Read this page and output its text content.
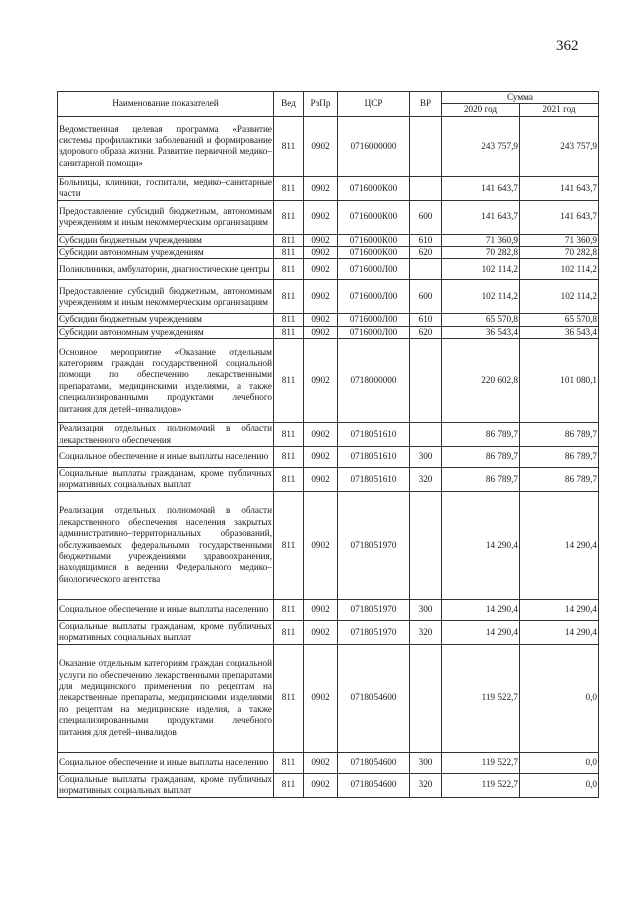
362
Наименование показателей	Вед	РзПр	ЦСР	ВР	Сумма	
					2020 год	2021 год
Ведомственная целевая программа «Развитие системы профилактики заболеваний и формирование здорового образа жизни. Развитие первичной медико–санитарной помощи»	811	0902	0716000000		243 757,9	243 757,9
Больницы, клиники, госпитали, медико–санитарные части	811	0902	0716000К00		141 643,7	141 643,7
Предоставление субсидий бюджетным, автономным учреждениям и иным некоммерческим организациям	811	0902	0716000К00	600	141 643,7	141 643,7
Субсидии бюджетным учреждениям	811	0902	0716000К00	610	71 360,9	71 360,9
Субсидии автономным учреждениям	811	0902	0716000К00	620	70 282,8	70 282,8
Поликлиники, амбулатории, диагностические центры	811	0902	0716000Л00		102 114,2	102 114,2
Предоставление субсидий бюджетным, автономным учреждениям и иным некоммерческим организациям	811	0902	0716000Л00	600	102 114,2	102 114,2
Субсидии бюджетным учреждениям	811	0902	0716000Л00	610	65 570,8	65 570,8
Субсидии автономным учреждениям	811	0902	0716000Л00	620	36 543,4	36 543,4
Основное мероприятие «Оказание отдельным категориям граждан государственной социальной помощи по обеспечению лекарственными препаратами, медицинскими изделиями, а также специализированными продуктами лечебного питания для детей–инвалидов»	811	0902	0718000000		220 602,8	101 080,1
Реализация отдельных полномочий в области лекарственного обеспечения	811	0902	0718051610		86 789,7	86 789,7
Социальное обеспечение и иные выплаты населению	811	0902	0718051610	300	86 789,7	86 789,7
Социальные выплаты гражданам, кроме публичных нормативных социальных выплат	811	0902	0718051610	320	86 789,7	86 789,7
Реализация отдельных полномочий в области лекарственного обеспечения населения закрытых административно–территориальных образований, обслуживаемых федеральными государственными бюджетными учреждениями здравоохранения, находящимися в ведении Федерального медико–биологического агентства	811	0902	0718051970		14 290,4	14 290,4
Социальное обеспечение и иные выплаты населению	811	0902	0718051970	300	14 290,4	14 290,4
Социальные выплаты гражданам, кроме публичных нормативных социальных выплат	811	0902	0718051970	320	14 290,4	14 290,4
Оказание отдельным категориям граждан социальной услуги по обеспечению лекарственными препаратами для медицинского применения по рецептам на лекарственные препараты, медицинскими изделиями по рецептам на медицинские изделия, а также специализированными продуктами лечебного питания для детей–инвалидов	811	0902	0718054600		119 522,7	0,0
Социальное обеспечение и иные выплаты населению	811	0902	0718054600	300	119 522,7	0,0
Социальные выплаты гражданам, кроме публичных нормативных социальных выплат	811	0902	0718054600	320	119 522,7	0,0
